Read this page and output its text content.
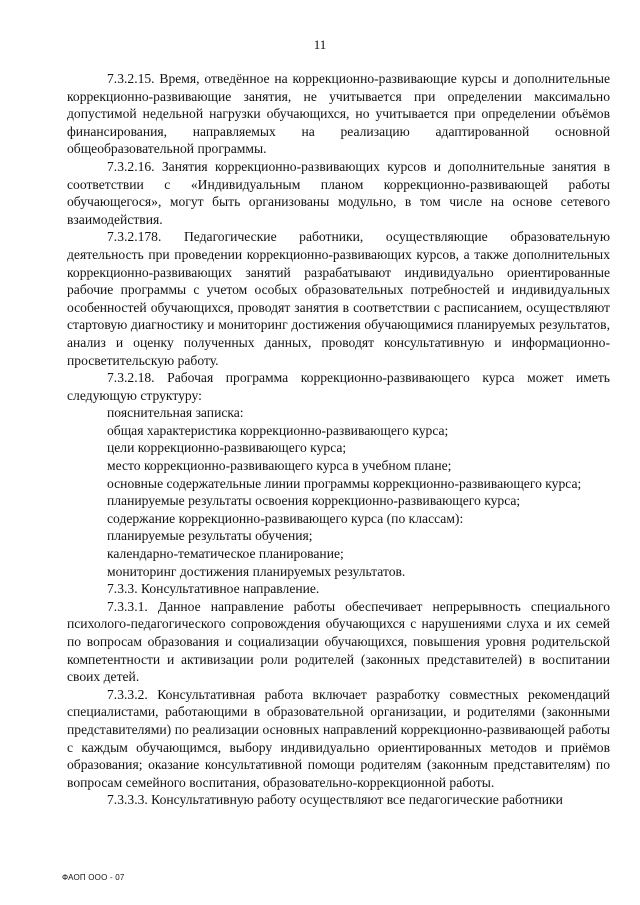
11

7.3.2.15. Время, отведённое на коррекционно-развивающие курсы и дополнительные коррекционно-развивающие занятия, не учитывается при определении максимально допустимой недельной нагрузки обучающихся, но учитывается при определении объёмов финансирования, направляемых на реализацию адаптированной основной общеобразовательной программы.

7.3.2.16. Занятия коррекционно-развивающих курсов и дополнительные занятия в соответствии с «Индивидуальным планом коррекционно-развивающей работы обучающегося», могут быть организованы модульно, в том числе на основе сетевого взаимодействия.

7.3.2.178. Педагогические работники, осуществляющие образовательную деятельность при проведении коррекционно-развивающих курсов, а также дополнительных коррекционно-развивающих занятий разрабатывают индивидуально ориентированные рабочие программы с учетом особых образовательных потребностей и индивидуальных особенностей обучающихся, проводят занятия в соответствии с расписанием, осуществляют стартовую диагностику и мониторинг достижения обучающимися планируемых результатов, анализ и оценку полученных данных, проводят консультативную и информационно-просветительскую работу.

7.3.2.18. Рабочая программа коррекционно-развивающего курса может иметь следующую структуру:

пояснительная записка:

общая характеристика коррекционно-развивающего курса;

цели коррекционно-развивающего курса;

место коррекционно-развивающего курса в учебном плане;

основные содержательные линии программы коррекционно-развивающего курса;

планируемые результаты освоения коррекционно-развивающего курса;

содержание коррекционно-развивающего курса (по классам):

планируемые результаты обучения;

календарно-тематическое планирование;

мониторинг достижения планируемых результатов.

7.3.3. Консультативное направление.

7.3.3.1. Данное направление работы обеспечивает непрерывность специального психолого-педагогического сопровождения обучающихся с нарушениями слуха и их семей по вопросам образования и социализации обучающихся, повышения уровня родительской компетентности и активизации роли родителей (законных представителей) в воспитании своих детей.

7.3.3.2. Консультативная работа включает разработку совместных рекомендаций специалистами, работающими в образовательной организации, и родителями (законными представителями) по реализации основных направлений коррекционно-развивающей работы с каждым обучающимся, выбору индивидуально ориентированных методов и приёмов образования; оказание консультативной помощи родителям (законным представителям) по вопросам семейного воспитания, образовательно-коррекционной работы.

7.3.3.3. Консультативную работу осуществляют все педагогические работники

ФАОП ООО - 07
